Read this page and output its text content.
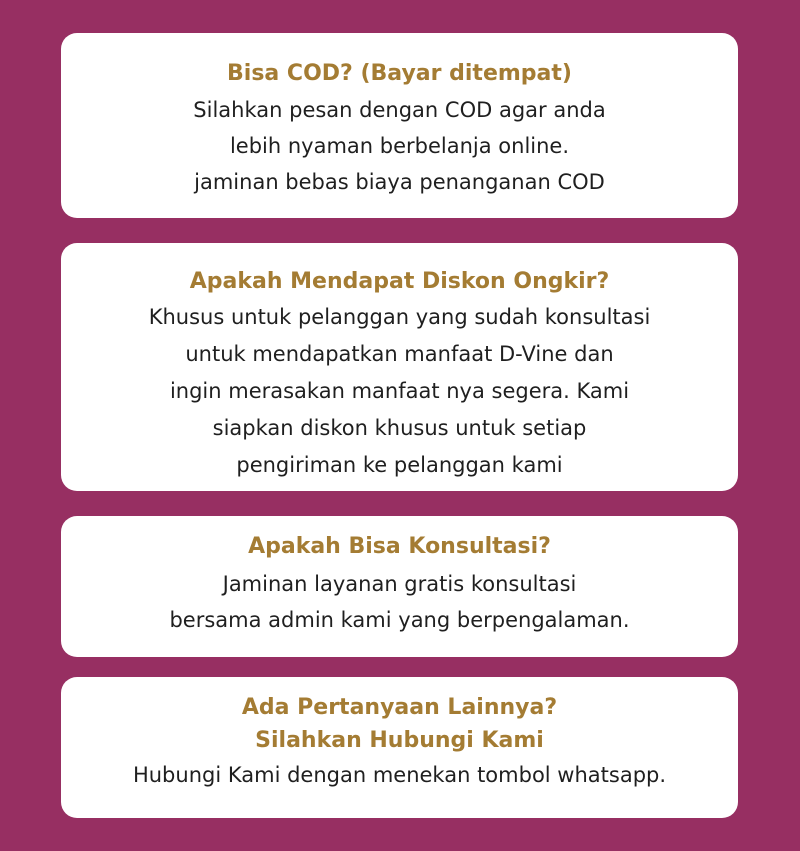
Bisa COD? (Bayar ditempat)

Silahkan pesan dengan COD agar anda

lebih nyaman berbelanja online.

jaminan bebas biaya penanganan COD

Apakah Mendapat Diskon Ongkir?

Khusus untuk pelanggan yang sudah konsultasi

untuk mendapatkan manfaat D-Vine dan

ingin merasakan manfaat nya segera. Kami

siapkan diskon khusus untuk setiap

pengiriman ke pelanggan kami

Apakah Bisa Konsultasi?

Jaminan layanan gratis konsultasi

bersama admin kami yang berpengalaman.

Ada Pertanyaan Lainnya?

Silahkan Hubungi Kami

Hubungi Kami dengan menekan tombol whatsapp.
